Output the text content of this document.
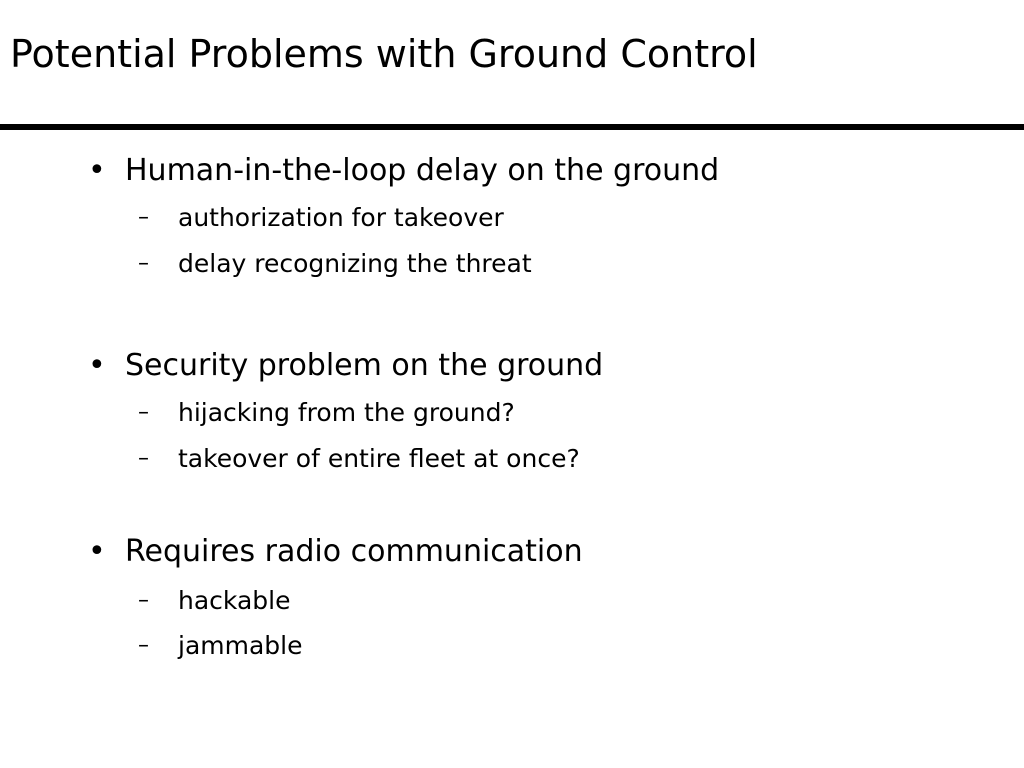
Potential Problems with Ground Control
• Human-in-the-loop delay on the ground
– authorization for takeover
– delay recognizing the threat
• Security problem on the ground
– hijacking from the ground?
– takeover of entire fleet at once?
• Requires radio communication
– hackable
– jammable
